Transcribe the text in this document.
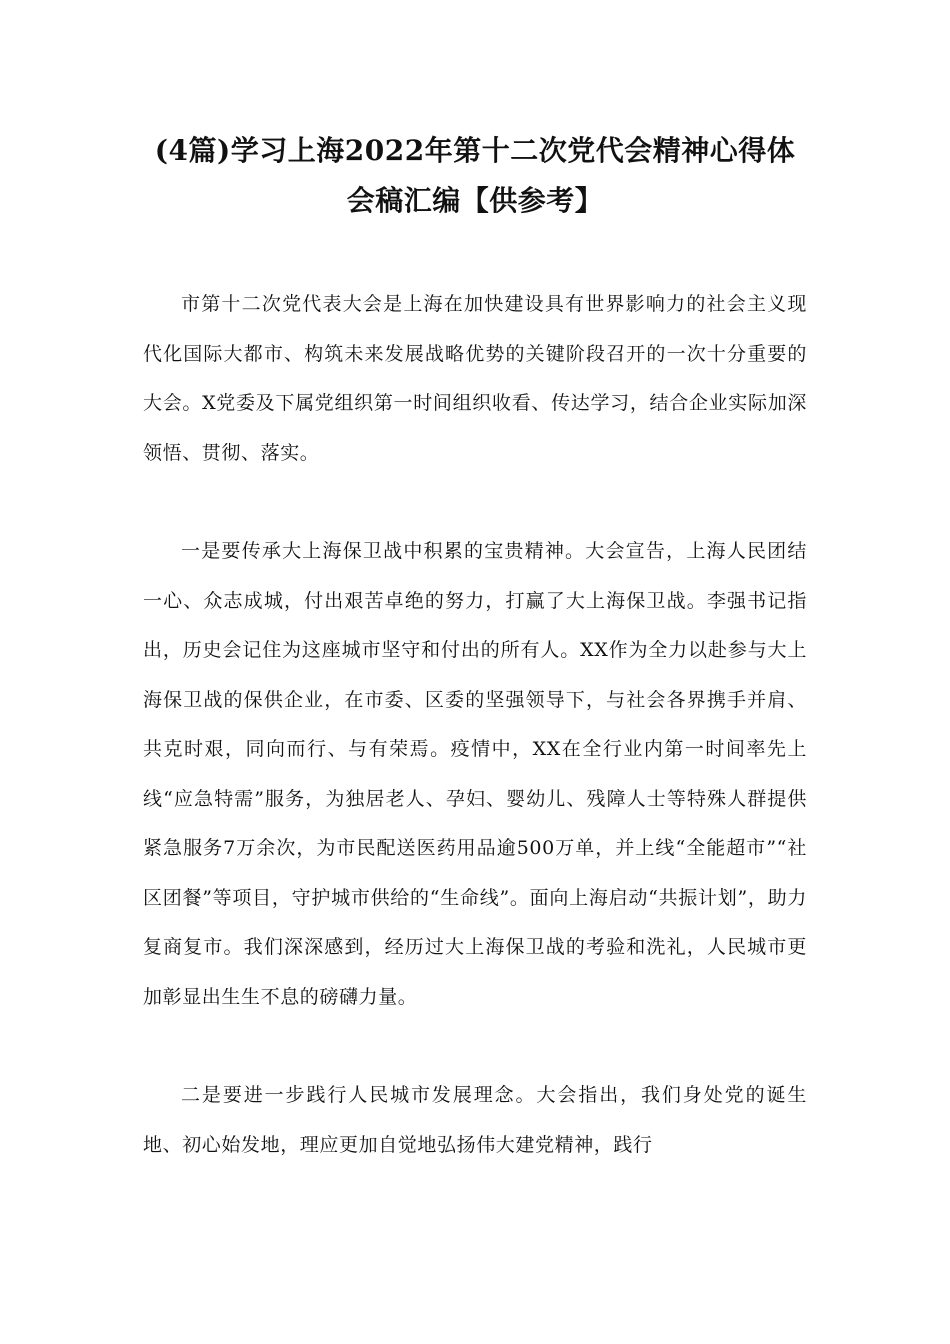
(4篇)学习上海2022年第十二次党代会精神心得体
会稿汇编【供参考】

市第十二次党代表大会是上海在加快建设具有世界影响力的社会主义现代化国际大都市、构筑未来发展战略优势的关键阶段召开的一次十分重要的大会。X党委及下属党组织第一时间组织收看、传达学习，结合企业实际加深领悟、贯彻、落实。

一是要传承大上海保卫战中积累的宝贵精神。大会宣告，上海人民团结一心、众志成城，付出艰苦卓绝的努力，打赢了大上海保卫战。李强书记指出，历史会记住为这座城市坚守和付出的所有人。XX作为全力以赴参与大上海保卫战的保供企业，在市委、区委的坚强领导下，与社会各界携手并肩、共克时艰，同向而行、与有荣焉。疫情中，XX在全行业内第一时间率先上线“应急特需”服务，为独居老人、孕妇、婴幼儿、残障人士等特殊人群提供紧急服务7万余次，为市民配送医药用品逾500万单，并上线“全能超市”“社区团餐”等项目，守护城市供给的“生命线”。面向上海启动“共振计划”，助力复商复市。我们深深感到，经历过大上海保卫战的考验和洗礼，人民城市更加彰显出生生不息的磅礴力量。

二是要进一步践行人民城市发展理念。大会指出，我们身处党的诞生地、初心始发地，理应更加自觉地弘扬伟大建党精神，践行
